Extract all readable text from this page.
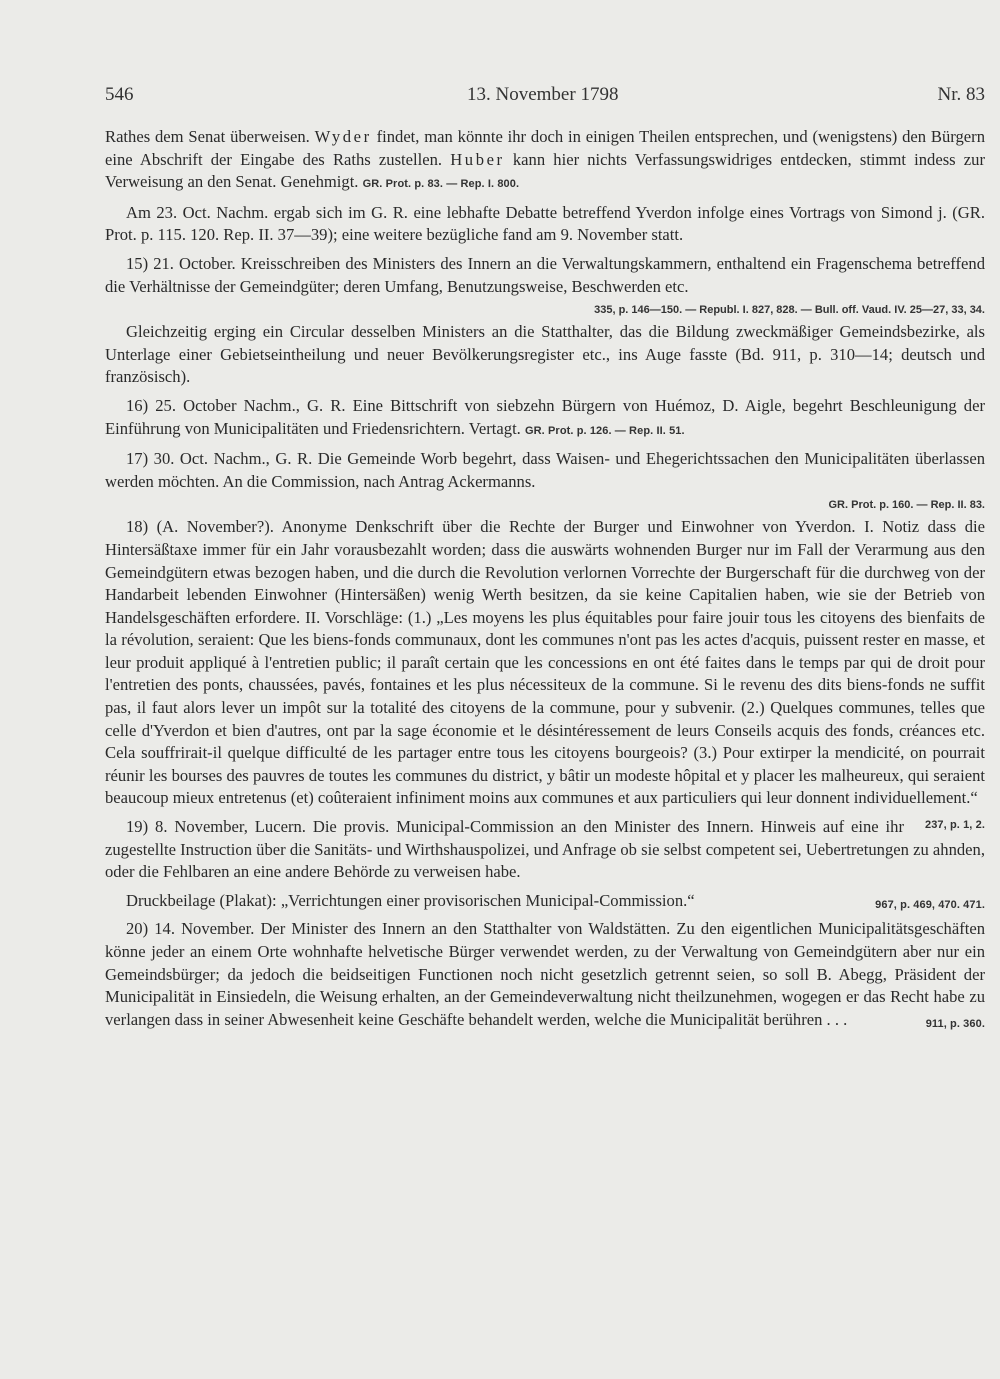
546	13. November 1798	Nr. 83

Rathes dem Senat überweisen. Wyder findet, man könnte ihr doch in einigen Theilen entsprechen, und (wenigstens) den Bürgern eine Abschrift der Eingabe des Raths zustellen. Huber kann hier nichts Verfassungswidriges entdecken, stimmt indess zur Verweisung an den Senat. Genehmigt. GR. Prot. p. 83. — Rep. I. 800.

Am 23. Oct. Nachm. ergab sich im G. R. eine lebhafte Debatte betreffend Yverdon infolge eines Vortrags von Simond j. (GR. Prot. p. 115. 120. Rep. II. 37—39); eine weitere bezügliche fand am 9. November statt.

15) 21. October. Kreisschreiben des Ministers des Innern an die Verwaltungskammern, enthaltend ein Fragenschema betreffend die Verhältnisse der Gemeindgüter; deren Umfang, Benutzungsweise, Beschwerden etc.

335, p. 146—150. — Republ. I. 827, 828. — Bull. off. Vaud. IV. 25—27, 33, 34.

Gleichzeitig erging ein Circular desselben Ministers an die Statthalter, das die Bildung zweckmäßiger Gemeindsbezirke, als Unterlage einer Gebietseintheilung und neuer Bevölkerungsregister etc., ins Auge fasste (Bd. 911, p. 310—14; deutsch und französisch).

16) 25. October Nachm., G. R. Eine Bittschrift von siebzehn Bürgern von Huémoz, D. Aigle, begehrt Beschleunigung der Einführung von Municipalitäten und Friedensrichtern. Vertagt. GR. Prot. p. 126. — Rep. II. 51.

17) 30. Oct. Nachm., G. R. Die Gemeinde Worb begehrt, dass Waisen- und Ehegerichtssachen den Municipalitäten überlassen werden möchten. An die Commission, nach Antrag Ackermanns.

GR. Prot. p. 160. — Rep. II. 83.

18) (A. November?). Anonyme Denkschrift über die Rechte der Burger und Einwohner von Yverdon. I. Notiz dass die Hintersäßtaxe immer für ein Jahr vorausbezahlt worden; dass die auswärts wohnenden Burger nur im Fall der Verarmung aus den Gemeindgütern etwas bezogen haben, und die durch die Revolution verlornen Vorrechte der Burgerschaft für die durchweg von der Handarbeit lebenden Einwohner (Hintersäßen) wenig Werth besitzen, da sie keine Capitalien haben, wie sie der Betrieb von Handelsgeschäften erfordere. II. Vorschläge: (1.) „Les moyens les plus équitables pour faire jouir tous les citoyens des bienfaits de la révolution, seraient: Que les biens-fonds communaux, dont les communes n'ont pas les actes d'acquis, puissent rester en masse, et leur produit appliqué à l'entretien public; il paraît certain que les concessions en ont été faites dans le temps par qui de droit pour l'entretien des ponts, chaussées, pavés, fontaines et les plus nécessiteux de la commune. Si le revenu des dits biens-fonds ne suffit pas, il faut alors lever un impôt sur la totalité des citoyens de la commune, pour y subvenir. (2.) Quelques communes, telles que celle d'Yverdon et bien d'autres, ont par la sage économie et le désintéressement de leurs Conseils acquis des fonds, créances etc. Cela souffrirait-il quelque difficulté de les partager entre tous les citoyens bourgeois? (3.) Pour extirper la mendicité, on pourrait réunir les bourses des pauvres de toutes les communes du district, y bâtir un modeste hôpital et y placer les malheureux, qui seraient beaucoup mieux entretenus (et) coûteraient infiniment moins aux communes et aux particuliers qui leur donnent individuellement.“
237, p. 1, 2.

19) 8. November, Lucern. Die provis. Municipal-Commission an den Minister des Innern. Hinweis auf eine ihr zugestellte Instruction über die Sanitäts- und Wirthshauspolizei, und Anfrage ob sie selbst competent sei, Uebertretungen zu ahnden, oder die Fehlbaren an eine andere Behörde zu verweisen habe.

Druckbeilage (Plakat): „Verrichtungen einer provisorischen Municipal-Commission.“	967, p. 469, 470. 471.

20) 14. November. Der Minister des Innern an den Statthalter von Waldstätten. Zu den eigentlichen Municipalitätsgeschäften könne jeder an einem Orte wohnhafte helvetische Bürger verwendet werden, zu der Verwaltung von Gemeindgütern aber nur ein Gemeindsbürger; da jedoch die beidseitigen Functionen noch nicht gesetzlich getrennt seien, so soll B. Abegg, Präsident der Municipalität in Einsiedeln, die Weisung erhalten, an der Gemeindeverwaltung nicht theilzunehmen, wogegen er das Recht habe zu verlangen dass in seiner Abwesenheit keine Geschäfte behandelt werden, welche die Municipalität berühren . . .	911, p. 360.
